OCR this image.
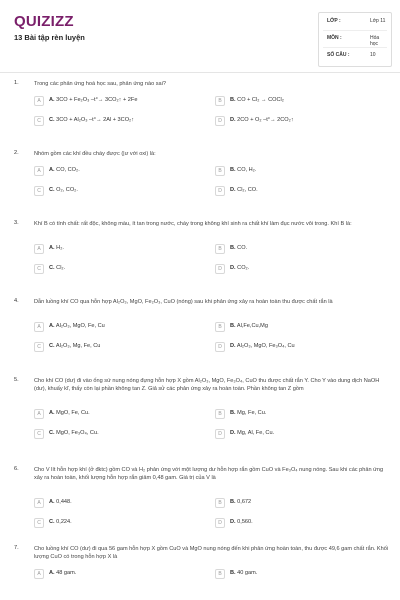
QUIZIZZ
13 Bài tập rèn luyện
LỚP :	Lớp 11
MÔN :	Hóa học
SỐ CÂU :	10
1.	Trong các phản ứng hoá học sau, phản ứng nào sai?
A	A. 3CO + Fe₂O₃ –t°→ 3CO₂↑ + 2Fe	B	B. CO + Cl₂ → COCl₂
C	C. 3CO + Al₂O₃ –t°→ 2Al + 3CO₂↑	D	D. 2CO + O₂ –t°→ 2CO₂↑
2.	Nhóm gồm các khí đều cháy được (|ư với oxi) là:
A	A. CO, CO₂.	B	B. CO, H₂.
C	C. O₂, CO₂.	D	D. Cl₂, CO.
3.	Khí B có tính chất: rất độc, không màu, ít tan trong nước, cháy trong không khí sinh ra chất khí làm đục nước vôi trong. Khí B là:
A	A. H₂.	B	B. CO.
C	C. Cl₂.	D	D. CO₂.
4.	Dẫn luồng khí CO qua hỗn hợp Al₂O₃, MgO, Fe₂O₃, CuO (nóng) sau khi phản ứng xảy ra hoàn toàn thu được chất rắn là
A	A. Al₂O₃, MgO, Fe, Cu	B	B. Al,Fe,Cu,Mg
C	C. Al₂O₃, Mg, Fe, Cu	D	D. Al₂O₃, MgO, Fe₃O₄, Cu
5.	Cho khí CO (dư) đi vào ống sứ nung nóng đựng hỗn hợp X gồm Al₂O₃, MgO, Fe₃O₄, CuO thu được chất rắn Y. Cho Y vào dung dịch NaOH (dư), khuấy kĩ, thấy còn lại phần không tan Z. Giả sử các phản ứng xảy ra hoàn toàn. Phần không tan Z gồm
A	A. MgO, Fe, Cu.	B	B. Mg, Fe, Cu.
C	C. MgO, Fe₃O₄, Cu.	D	D. Mg, Al, Fe, Cu.
6.	Cho V lít hỗn hợp khí (ở đktc) gồm CO và H₂ phản ứng với một lượng dư hỗn hợp rắn gồm CuO và Fe₃O₄ nung nóng. Sau khi các phản ứng xảy ra hoàn toàn, khối lượng hỗn hợp rắn giảm 0,48 gam. Giá trị của V là
A	A. 0,448.	B	B. 0,672
C	C. 0,224.	D	D. 0,560.
7.	Cho luồng khí CO (dư) đi qua 56 gam hỗn hợp X gồm CuO và MgO nung nóng đến khi phản ứng hoàn toàn, thu được 49,6 gam chất rắn. Khối lượng CuO có trong hỗn hợp X là
A	A. 48 gam.	B	B. 40 gam.
